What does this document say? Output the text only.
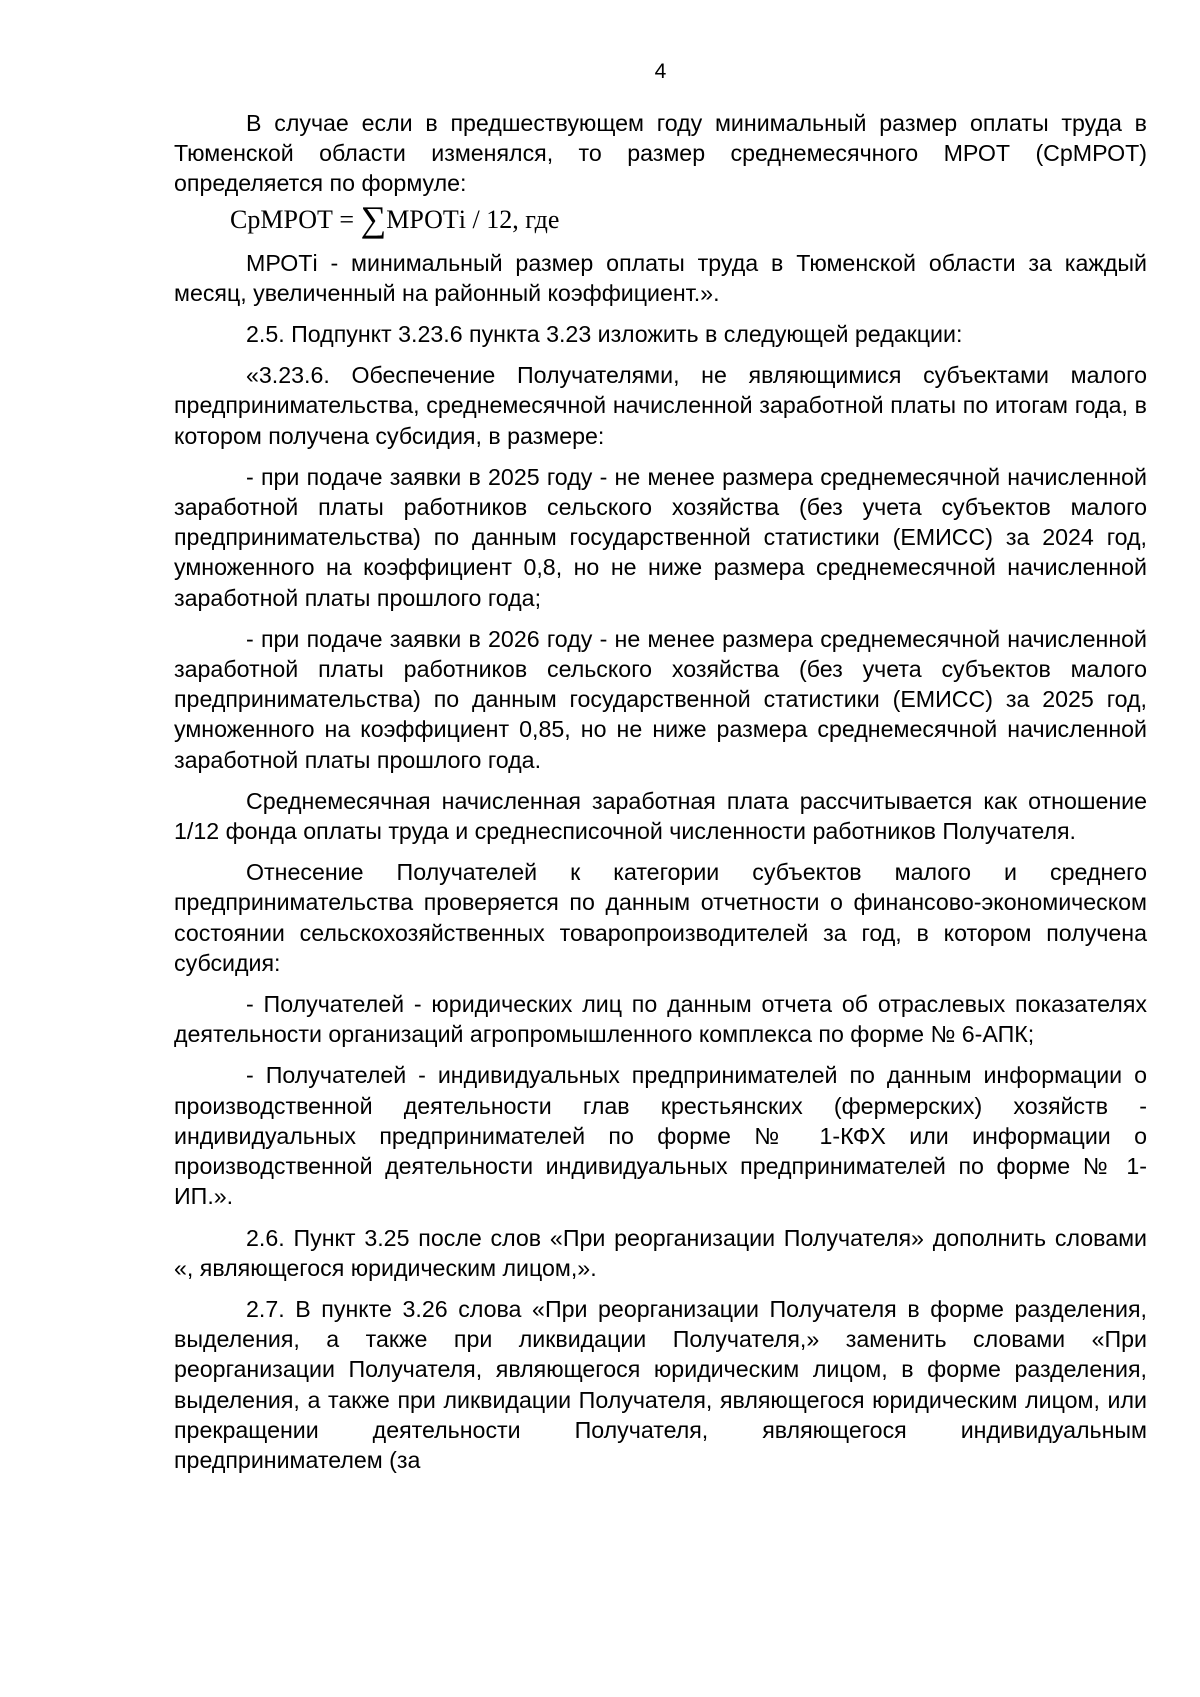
4

В случае если в предшествующем году минимальный размер оплаты труда в Тюменской области изменялся, то размер среднемесячного МРОТ (СрМРОТ) определяется по формуле:

СрМРОТ = ∑МРОТi / 12, где

МРОТi - минимальный размер оплаты труда в Тюменской области за каждый месяц, увеличенный на районный коэффициент.».

2.5. Подпункт 3.23.6 пункта 3.23 изложить в следующей редакции:

«3.23.6. Обеспечение Получателями, не являющимися субъектами малого предпринимательства, среднемесячной начисленной заработной платы по итогам года, в котором получена субсидия, в размере:

- при подаче заявки в 2025 году - не менее размера среднемесячной начисленной заработной платы работников сельского хозяйства (без учета субъектов малого предпринимательства) по данным государственной статистики (ЕМИСС) за 2024 год, умноженного на коэффициент 0,8, но не ниже размера среднемесячной начисленной заработной платы прошлого года;

- при подаче заявки в 2026 году - не менее размера среднемесячной начисленной заработной платы работников сельского хозяйства (без учета субъектов малого предпринимательства) по данным государственной статистики (ЕМИСС) за 2025 год, умноженного на коэффициент 0,85, но не ниже размера среднемесячной начисленной заработной платы прошлого года.

Среднемесячная начисленная заработная плата рассчитывается как отношение 1/12 фонда оплаты труда и среднесписочной численности работников Получателя.

Отнесение Получателей к категории субъектов малого и среднего предпринимательства проверяется по данным отчетности о финансово-экономическом состоянии сельскохозяйственных товаропроизводителей за год, в котором получена субсидия:

- Получателей - юридических лиц по данным отчета об отраслевых показателях деятельности организаций агропромышленного комплекса по форме № 6-АПК;

- Получателей - индивидуальных предпринимателей по данным информации о производственной деятельности глав крестьянских (фермерских) хозяйств - индивидуальных предпринимателей по форме № 1-КФХ или информации о производственной деятельности индивидуальных предпринимателей по форме № 1-ИП.».

2.6. Пункт 3.25 после слов «При реорганизации Получателя» дополнить словами «, являющегося юридическим лицом,».

2.7. В пункте 3.26 слова «При реорганизации Получателя в форме разделения, выделения, а также при ликвидации Получателя,» заменить словами «При реорганизации Получателя, являющегося юридическим лицом, в форме разделения, выделения, а также при ликвидации Получателя, являющегося юридическим лицом, или прекращении деятельности Получателя, являющегося индивидуальным предпринимателем (за
